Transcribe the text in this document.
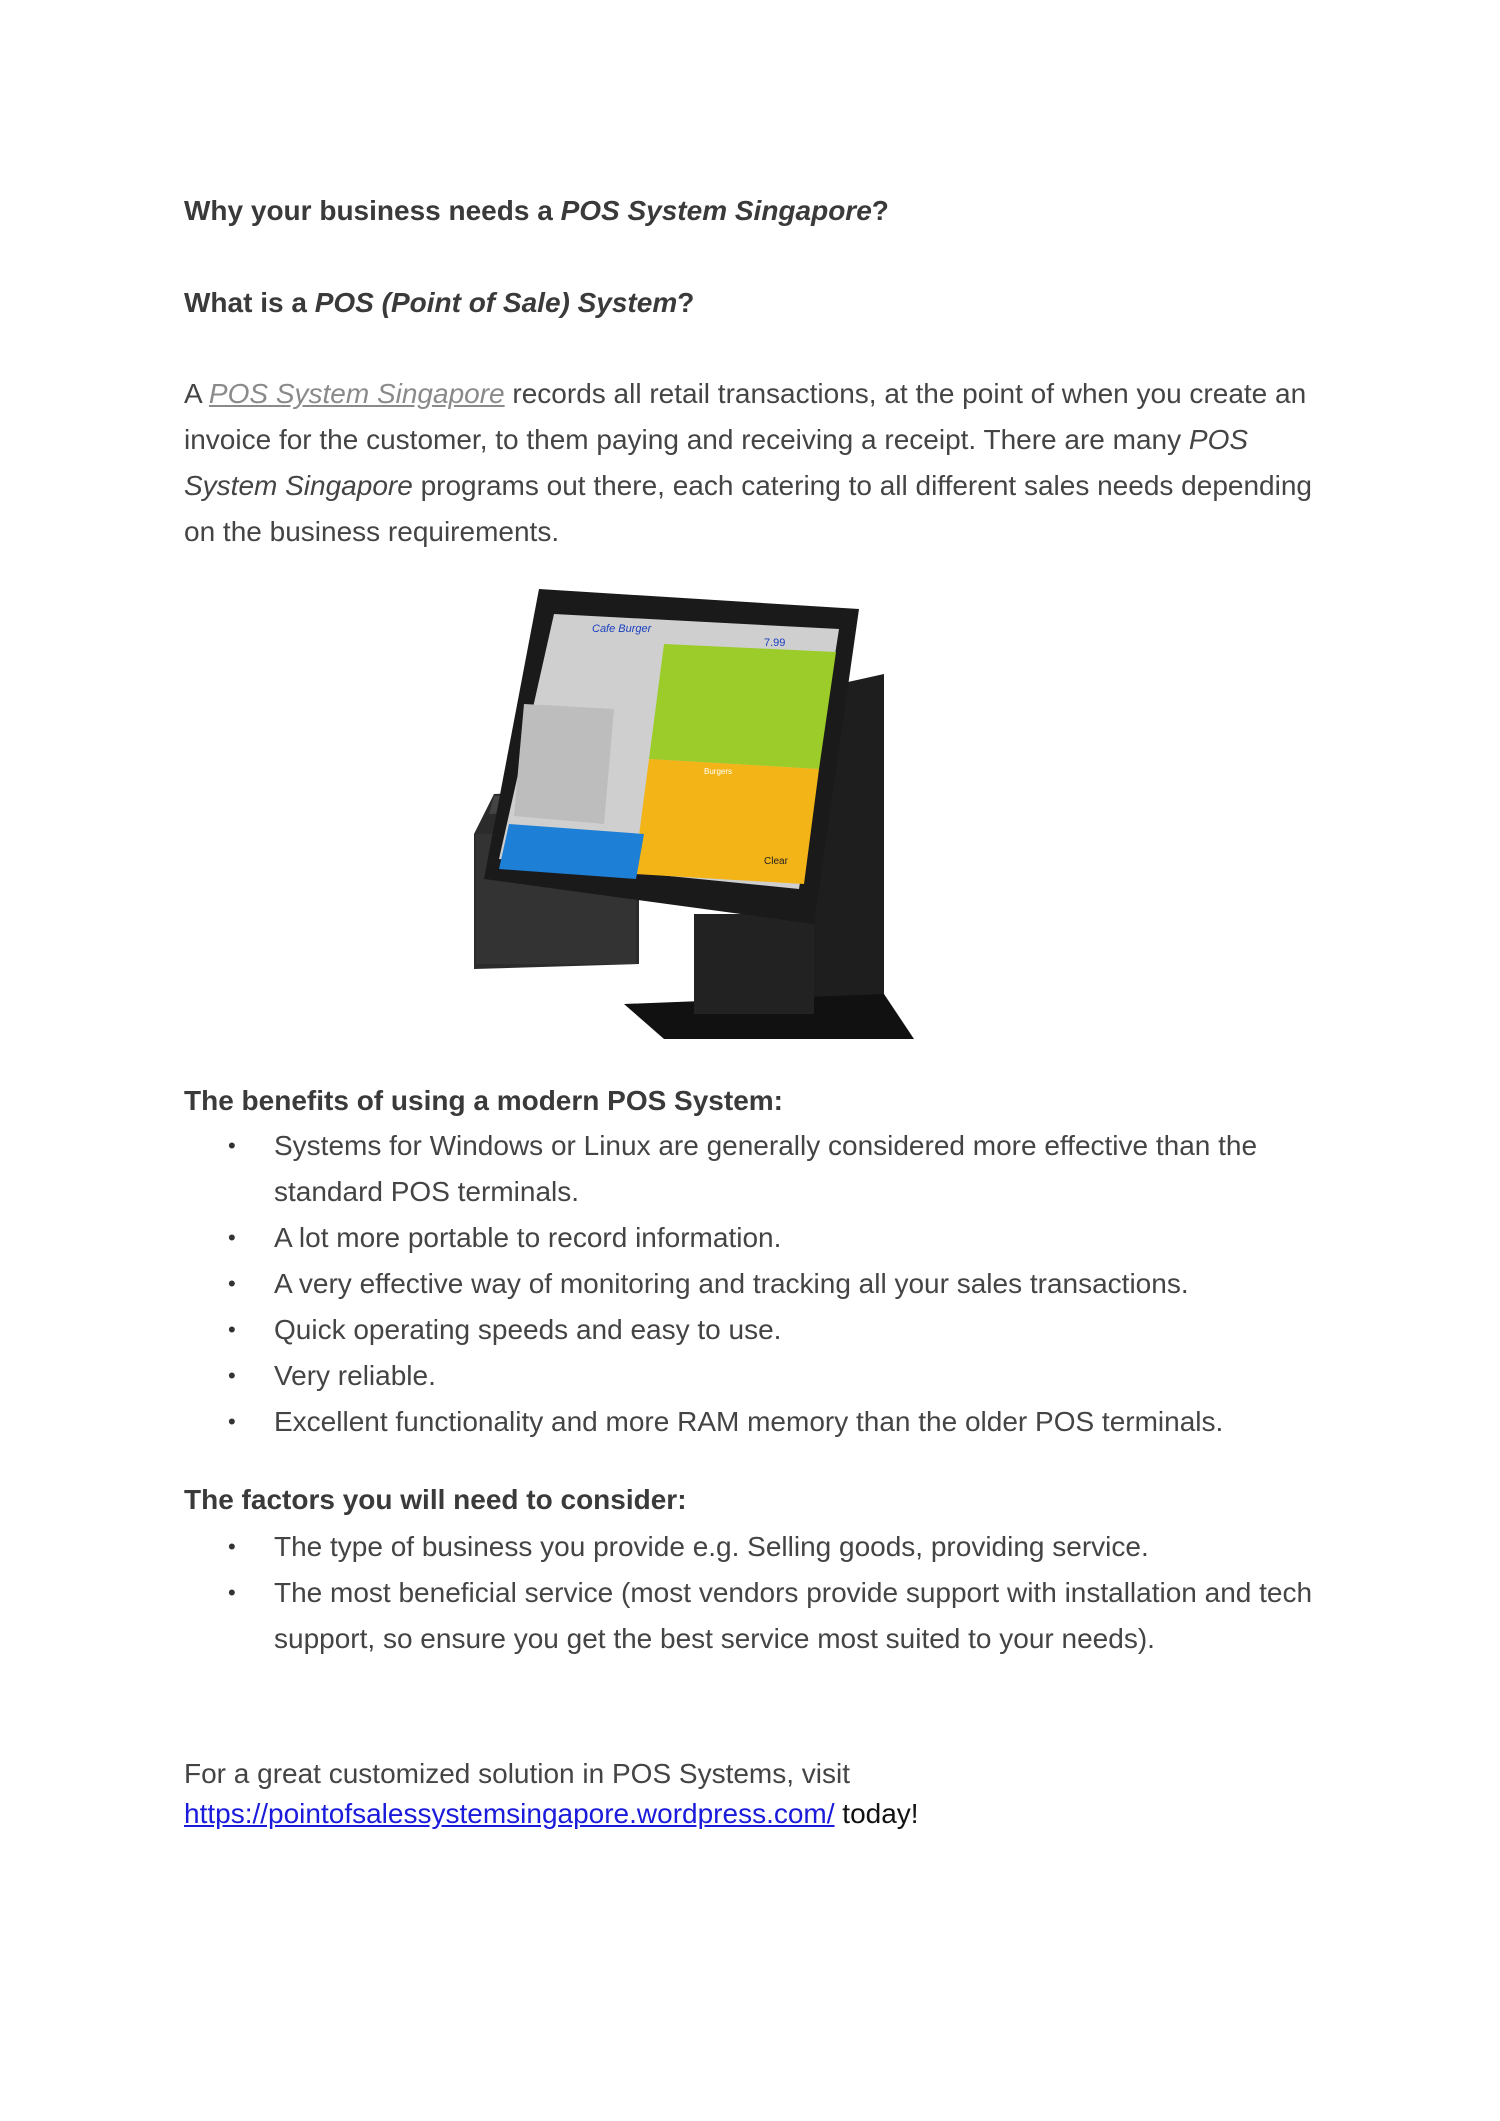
Why your business needs a POS System Singapore?
What is a POS (Point of Sale) System?
A POS System Singapore records all retail transactions, at the point of when you create an invoice for the customer, to them paying and receiving a receipt. There are many POS System Singapore programs out there, each catering to all different sales needs depending on the business requirements.
Cafe Burger
7.99
Burgers
Clear
The benefits of using a modern POS System:
• Systems for Windows or Linux are generally considered more effective than the standard POS terminals.
• A lot more portable to record information.
• A very effective way of monitoring and tracking all your sales transactions.
• Quick operating speeds and easy to use.
• Very reliable.
• Excellent functionality and more RAM memory than the older POS terminals.
The factors you will need to consider:
• The type of business you provide e.g. Selling goods, providing service.
• The most beneficial service (most vendors provide support with installation and tech support, so ensure you get the best service most suited to your needs).
For a great customized solution in POS Systems, visit
https://pointofsalessystemsingapore.wordpress.com/ today!
